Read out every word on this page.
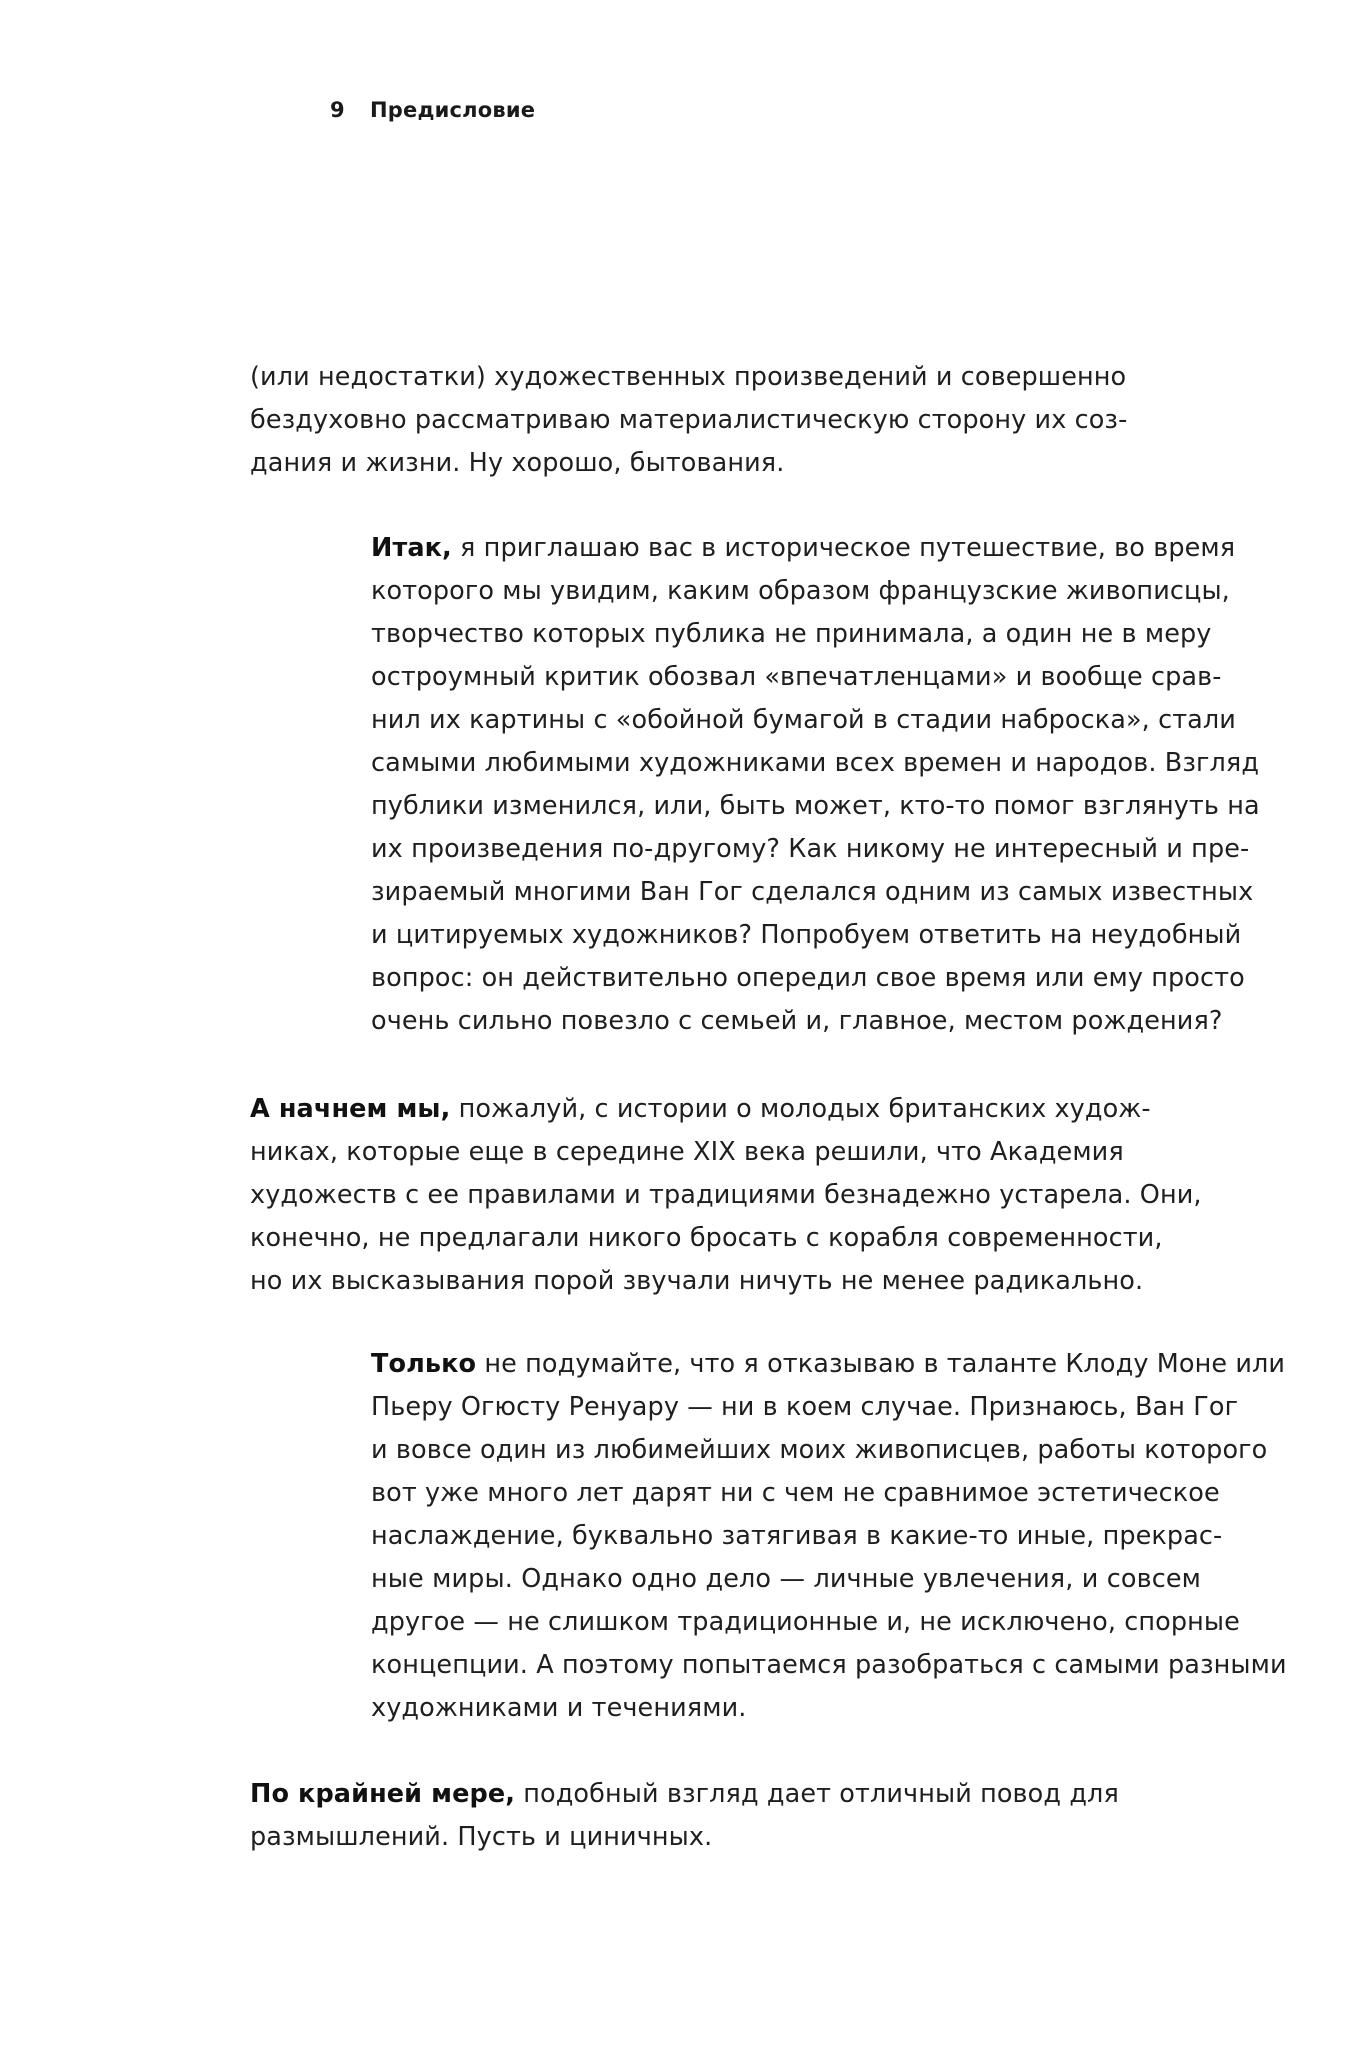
9 Предисловие

(или недостатки) художественных произведений и совершенно
бездуховно рассматриваю материалистическую сторону их соз-
дания и жизни. Ну хорошо, бытования.

Итак, я приглашаю вас в историческое путешествие, во время
которого мы увидим, каким образом французские живописцы,
творчество которых публика не принимала, а один не в меру
остроумный критик обозвал «впечатленцами» и вообще срав-
нил их картины с «обойной бумагой в стадии наброска», стали
самыми любимыми художниками всех времен и народов. Взгляд
публики изменился, или, быть может, кто-то помог взглянуть на
их произведения по-другому? Как никому не интересный и пре-
зираемый многими Ван Гог сделался одним из самых известных
и цитируемых художников? Попробуем ответить на неудобный
вопрос: он действительно опередил свое время или ему просто
очень сильно повезло с семьей и, главное, местом рождения?

А начнем мы, пожалуй, с истории о молодых британских худож-
никах, которые еще в середине XIX века решили, что Академия
художеств с ее правилами и традициями безнадежно устарела. Они,
конечно, не предлагали никого бросать с корабля современности,
но их высказывания порой звучали ничуть не менее радикально.

Только не подумайте, что я отказываю в таланте Клоду Моне или
Пьеру Огюсту Ренуару — ни в коем случае. Признаюсь, Ван Гог
и вовсе один из любимейших моих живописцев, работы которого
вот уже много лет дарят ни с чем не сравнимое эстетическое
наслаждение, буквально затягивая в какие-то иные, прекрас-
ные миры. Однако одно дело — личные увлечения, и совсем
другое — не слишком традиционные и, не исключено, спорные
концепции. А поэтому попытаемся разобраться с самыми разными
художниками и течениями.

По крайней мере, подобный взгляд дает отличный повод для
размышлений. Пусть и циничных.
